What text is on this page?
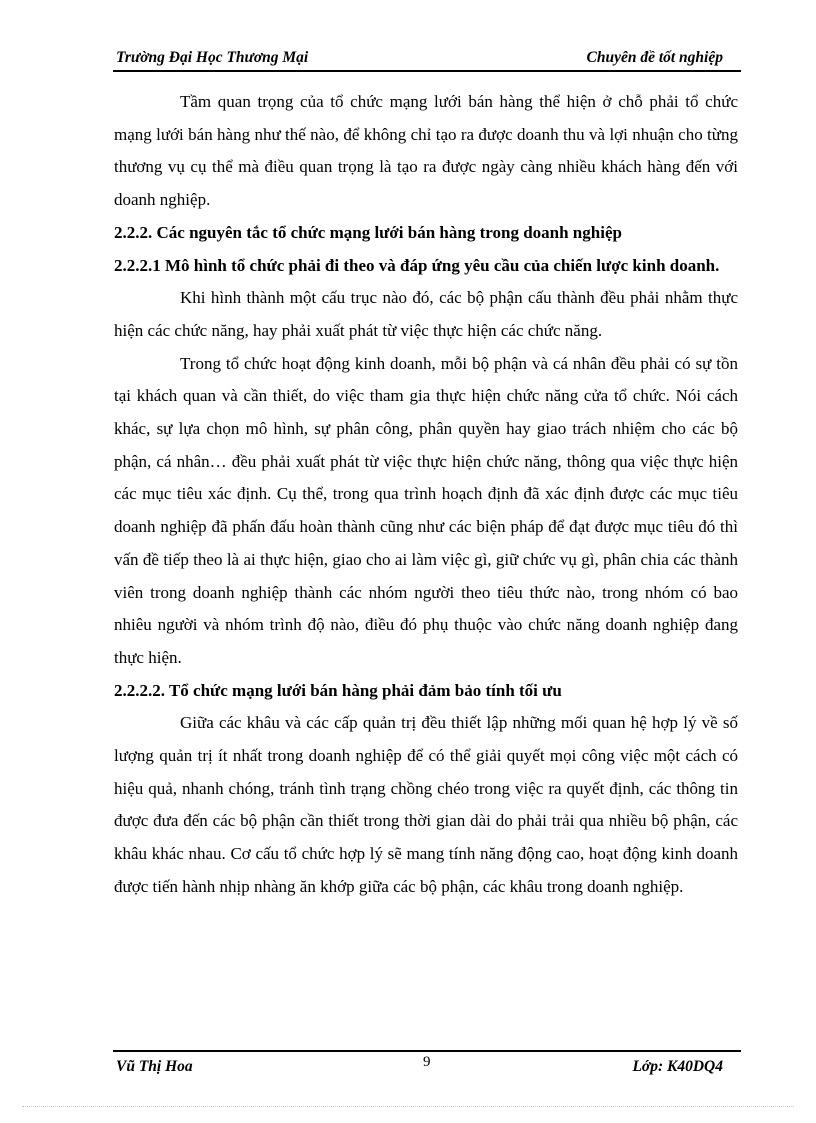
Trường Đại Học Thương Mại	Chuyên đề tốt nghiệp

Tầm quan trọng của tổ chức mạng lưới bán hàng thể hiện ở chỗ phải tổ chức mạng lưới bán hàng như thế nào, để không chỉ tạo ra được doanh thu và lợi nhuận cho từng thương vụ cụ thể mà điều quan trọng là tạo ra được ngày càng nhiều khách hàng đến với doanh nghiệp.

2.2.2. Các nguyên tắc tổ chức mạng lưới bán hàng trong doanh nghiệp
2.2.2.1 Mô hình tổ chức phải đi theo và đáp ứng yêu cầu của chiến lược kinh doanh.

Khi hình thành một cấu trục nào đó, các bộ phận cấu thành đều phải nhằm thực hiện các chức năng, hay phải xuất phát từ việc thực hiện các chức năng.

Trong tổ chức hoạt động kinh doanh, mỗi bộ phận và cá nhân đều phải có sự tồn tại khách quan và cần thiết, do việc tham gia thực hiện chức năng cửa tổ chức. Nói cách khác, sự lựa chọn mô hình, sự phân công, phân quyền hay giao trách nhiệm cho các bộ phận, cá nhân… đều phải xuất phát từ việc thực hiện chức năng, thông qua việc thực hiện các mục tiêu xác định. Cụ thể, trong qua trình hoạch định đã xác định được các mục tiêu doanh nghiệp đã phấn đấu hoàn thành cũng như các biện pháp để đạt được mục tiêu đó thì vấn đề tiếp theo là ai thực hiện, giao cho ai làm việc gì, giữ chức vụ gì, phân chia các thành viên trong doanh nghiệp thành các nhóm người theo tiêu thức nào, trong nhóm có bao nhiêu người và nhóm trình độ nào, điều đó phụ thuộc vào chức năng doanh nghiệp đang thực hiện.

2.2.2.2. Tổ chức mạng lưới bán hàng phải đảm bảo tính tối ưu

Giữa các khâu và các cấp quản trị đều thiết lập những mối quan hệ hợp lý về số lượng quản trị ít nhất trong doanh nghiệp để có thể giải quyết mọi công việc một cách có hiệu quả, nhanh chóng, tránh tình trạng chồng chéo trong việc ra quyết định, các thông tin được đưa đến các bộ phận cần thiết trong thời gian dài do phải trải qua nhiều bộ phận, các khâu khác nhau. Cơ cấu tổ chức hợp lý sẽ mang tính năng động cao, hoạt động kinh doanh được tiến hành nhịp nhàng ăn khớp giữa các bộ phận, các khâu trong doanh nghiệp.

Vũ Thị Hoa	9	Lớp: K40DQ4
